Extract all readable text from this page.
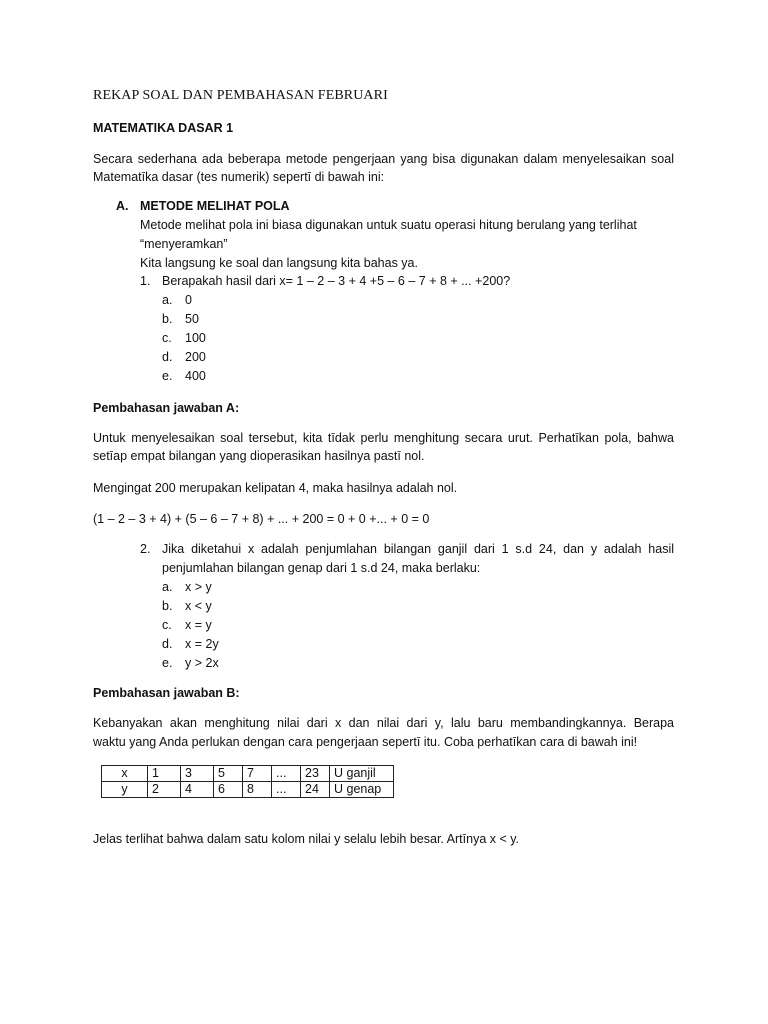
REKAP SOAL DAN PEMBAHASAN FEBRUARI
MATEMATIKA DASAR 1
Secara sederhana ada beberapa metode pengerjaan yang bisa digunakan dalam menyelesaikan soal
Matematīka dasar (tes numerik) sepertī di bawah ini:
A. METODE MELIHAT POLA
Metode melihat pola ini biasa digunakan untuk suatu operasi hitung berulang yang terlihat
“menyeramkan”
Kita langsung ke soal dan langsung kita bahas ya.
1. Berapakah hasil dari x= 1 – 2 – 3 + 4 +5 – 6 – 7 + 8 + ... +200?
a. 0
b. 50
c. 100
d. 200
e. 400
Pembahasan jawaban A:
Untuk menyelesaikan soal tersebut, kita tīdak perlu menghitung secara urut. Perhatīkan pola, bahwa
setīap empat bilangan yang dioperasikan hasilnya pastī nol.
Mengingat 200 merupakan kelipatan 4, maka hasilnya adalah nol.
(1 – 2 – 3 + 4) + (5 – 6 – 7 + 8) + ... + 200 = 0 + 0 +... + 0 = 0
2. Jika diketahui x adalah penjumlahan bilangan ganjil dari 1 s.d 24, dan y adalah hasil
penjumlahan bilangan genap dari 1 s.d 24, maka berlaku:
a. x > y
b. x < y
c. x = y
d. x = 2y
e. y > 2x
Pembahasan jawaban B:
Kebanyakan akan menghitung nilai dari x dan nilai dari y, lalu baru membandingkannya. Berapa
waktu yang Anda perlukan dengan cara pengerjaan sepertī itu. Coba perhatīkan cara di bawah ini!
x	1	3	5	7	...	23	U ganjil
y	2	4	6	8	...	24	U genap
Jelas terlihat bahwa dalam satu kolom nilai y selalu lebih besar. Artīnya x < y.
